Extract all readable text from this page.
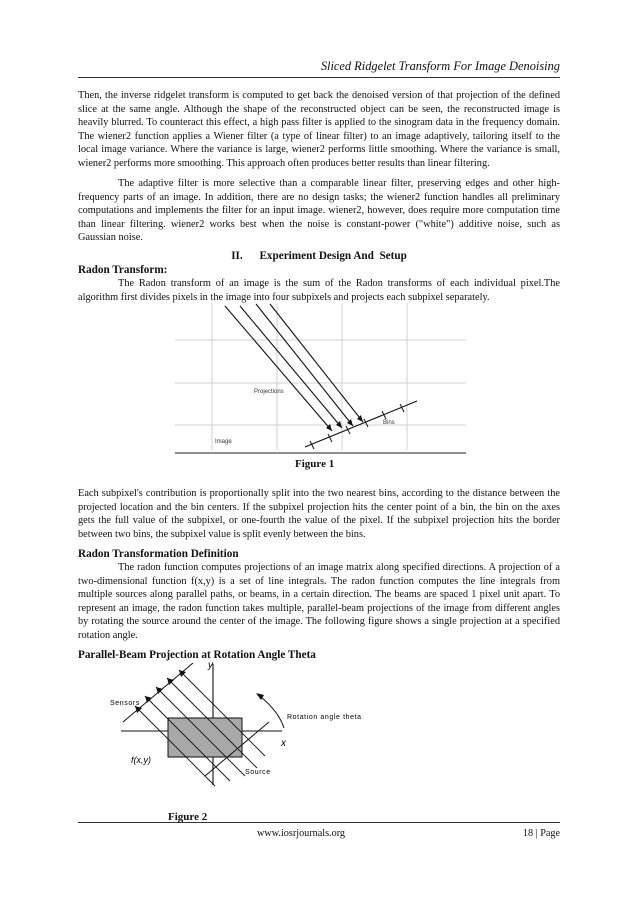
Sliced Ridgelet Transform For Image Denoising
Then, the inverse ridgelet transform is computed to get back the denoised version of that projection of the defined slice at the same angle. Although the shape of the reconstructed object can be seen, the reconstructed image is heavily blurred. To counteract this effect, a high pass filter is applied to the sinogram data in the frequency domain. The wiener2 function applies a Wiener filter (a type of linear filter) to an image adaptively, tailoring itself to the local image variance. Where the variance is large, wiener2 performs little smoothing. Where the variance is small, wiener2 performs more smoothing. This approach often produces better results than linear filtering.
The adaptive filter is more selective than a comparable linear filter, preserving edges and other high-frequency parts of an image. In addition, there are no design tasks; the wiener2 function handles all preliminary computations and implements the filter for an input image. wiener2, however, does require more computation time than linear filtering. wiener2 works best when the noise is constant-power ("white") additive noise, such as Gaussian noise.
II.      Experiment Design And  Setup
Radon Transform:
The Radon transform of an image is the sum of the Radon transforms of each individual pixel.The algorithm first divides pixels in the image into four subpixels and projects each subpixel separately.
Projections
Bins
Image
Figure 1
Each subpixel's contribution is proportionally split into the two nearest bins, according to the distance between the projected location and the bin centers. If the subpixel projection hits the center point of a bin, the bin on the axes gets the full value of the subpixel, or one-fourth the value of the pixel. If the subpixel projection hits the border between two bins, the subpixel value is split evenly between the bins.
Radon Transformation Definition
The radon function computes projections of an image matrix along specified directions. A projection of a two-dimensional function f(x,y) is a set of line integrals. The radon function computes the line integrals from multiple sources along parallel paths, or beams, in a certain direction. The beams are spaced 1 pixel unit apart. To represent an image, the radon function takes multiple, parallel-beam projections of the image from different angles by rotating the source around the center of the image. The following figure shows a single projection at a specified rotation angle.
Parallel-Beam Projection at Rotation Angle Theta
y
x
Sensors
Rotation angle theta
Source
f(x,y)
Figure 2
www.iosrjournals.org	18 | Page
